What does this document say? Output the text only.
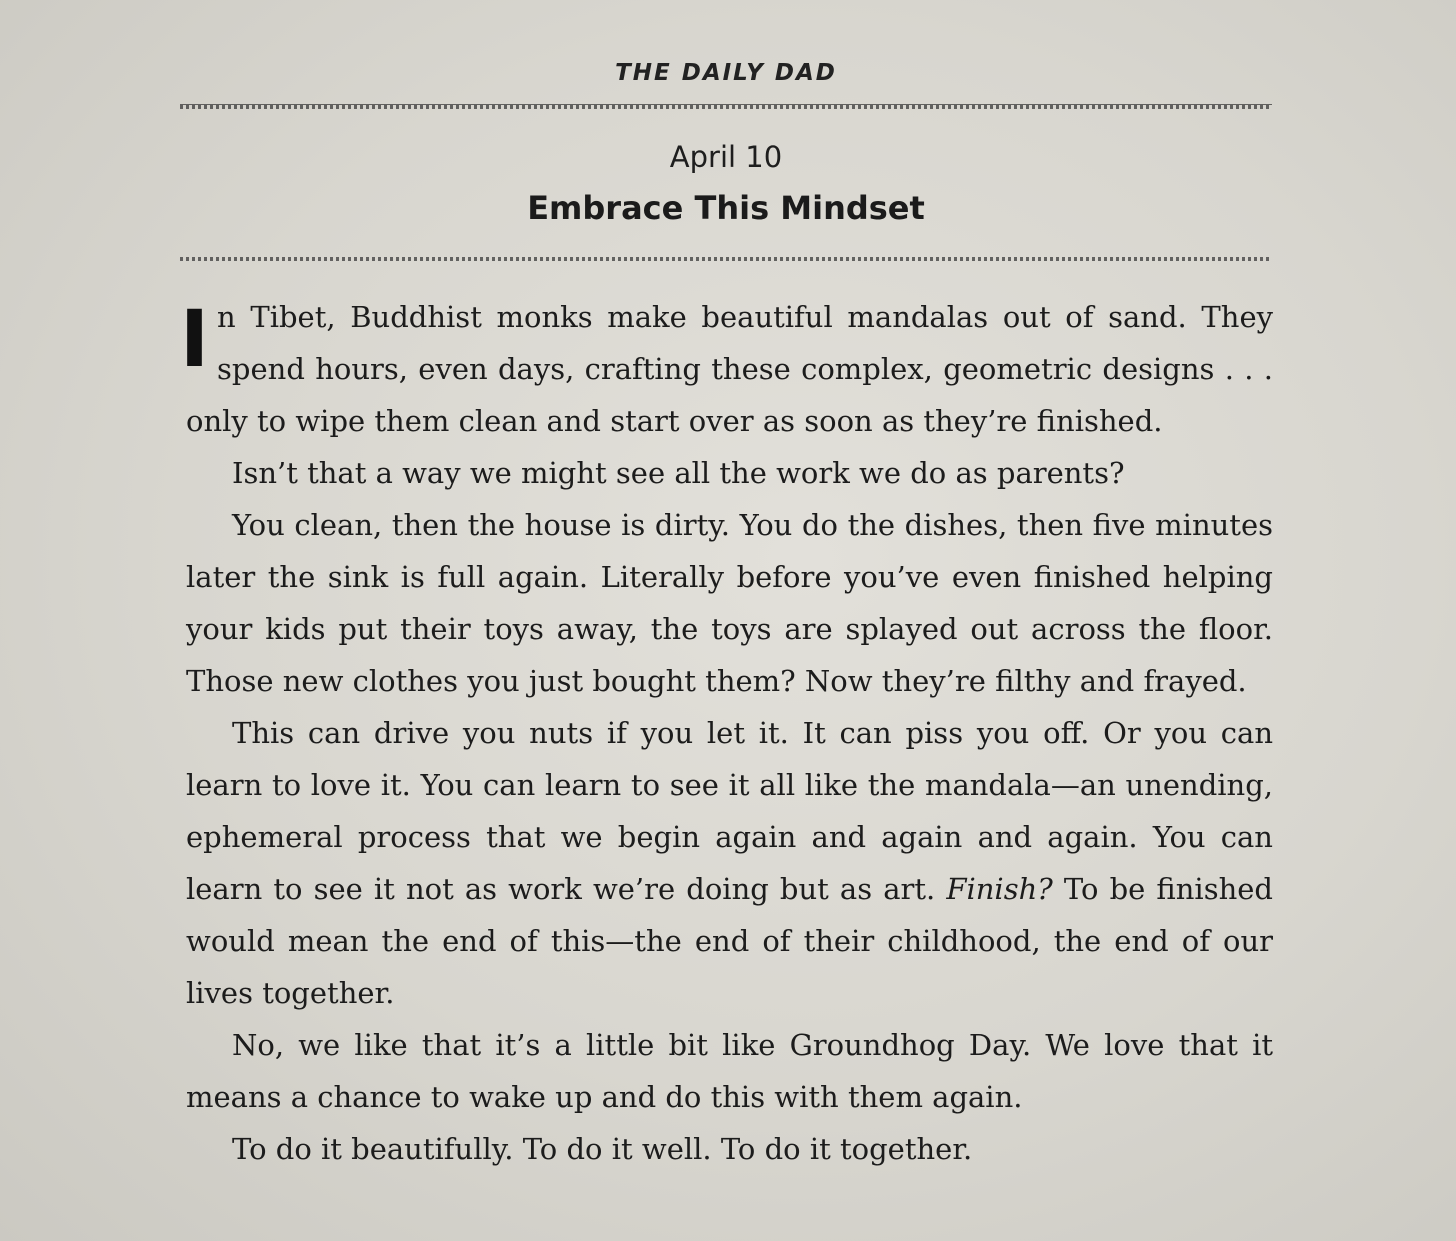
THE DAILY DAD
April 10
Embrace This Mindset

In Tibet, Buddhist monks make beautiful mandalas out of sand. They spend hours, even days, crafting these complex, geometric designs . . . only to wipe them clean and start over as soon as they’re finished.

Isn’t that a way we might see all the work we do as parents?

You clean, then the house is dirty. You do the dishes, then five minutes later the sink is full again. Literally before you’ve even finished helping your kids put their toys away, the toys are splayed out across the floor. Those new clothes you just bought them? Now they’re filthy and frayed.

This can drive you nuts if you let it. It can piss you off. Or you can learn to love it. You can learn to see it all like the mandala—an unending, ephemeral process that we begin again and again and again. You can learn to see it not as work we’re doing but as art. Finish? To be finished would mean the end of this—the end of their childhood, the end of our lives together.

No, we like that it’s a little bit like Groundhog Day. We love that it means a chance to wake up and do this with them again.

To do it beautifully. To do it well. To do it together.
